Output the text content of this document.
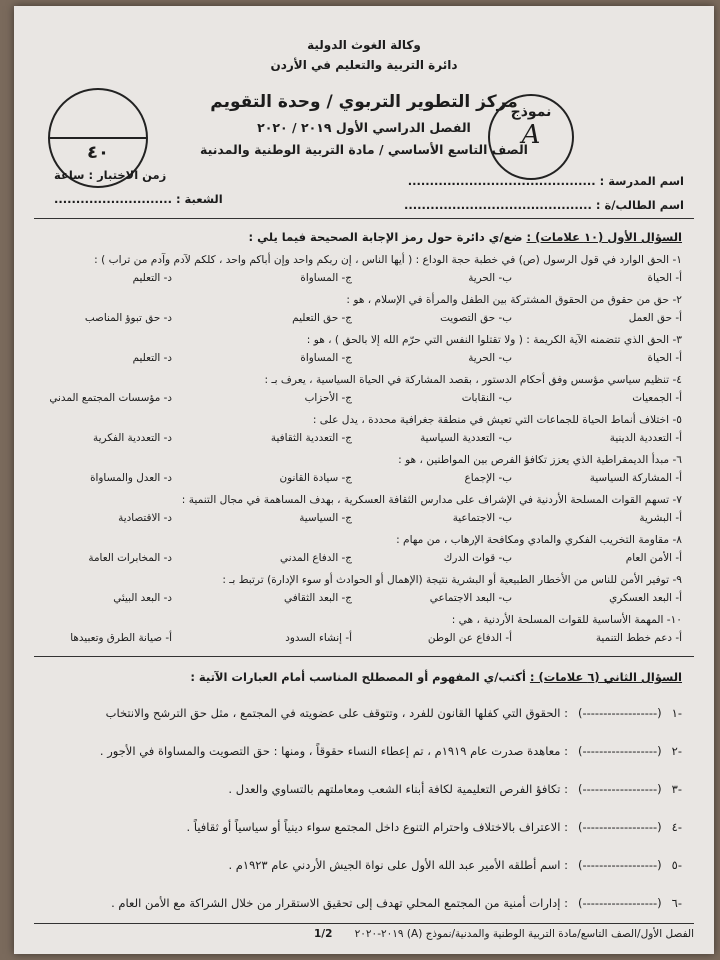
وكالة الغوث الدولية
دائرة التربية والتعليم في الأردن
مركز التطوير التربوي / وحدة التقويم
الفصل الدراسي الأول ٢٠١٩ / ٢٠٢٠
الصف التاسع الأساسي / مادة التربية الوطنية والمدنية
٤٠
نموذج
A
اسم المدرسة : ...........................................
اسم الطالب/ة : ...........................................
زمن الاختبار : ساعة
الشعبة : ...........................
السؤال الأول (١٠ علامات) : ضع/ي دائرة حول رمز الإجابة الصحيحة فيما يلي :
١- الحق الوارد في قول الرسول (ص) في خطبة حجة الوداع : ( أيها الناس ، إن ربكم واحد وإن أباكم واحد ، كلكم لآدم وآدم من تراب ) :
أ- الحياة
ب- الحرية
ج- المساواة
د- التعليم
٢- حق من حقوق من الحقوق المشتركة بين الطفل والمرأة في الإسلام ، هو :
أ- حق العمل
ب- حق التصويت
ج- حق التعليم
د- حق تبوؤ المناصب
٣- الحق الذي تتضمنه الآية الكريمة : ( ولا تقتلوا النفس التي حرّم الله إلا بالحق ) ، هو :
أ- الحياة
ب- الحرية
ج- المساواة
د- التعليم
٤- تنظيم سياسي مؤسس وفق أحكام الدستور ، بقصد المشاركة في الحياة السياسية ، يعرف بـ :
أ- الجمعيات
ب- النقابات
ج- الأحزاب
د- مؤسسات المجتمع المدني
٥- اختلاف أنماط الحياة للجماعات التي تعيش في منطقة جغرافية محددة ، يدل على :
أ- التعددية الدينية
ب- التعددية السياسية
ج- التعددية الثقافية
د- التعددية الفكرية
٦- مبدأ الديمقراطية الذي يعزز تكافؤ الفرص بين المواطنين ، هو :
أ- المشاركة السياسية
ب- الإجماع
ج- سيادة القانون
د- العدل والمساواة
٧- تسهم القوات المسلحة الأردنية في الإشراف على مدارس الثقافة العسكرية ، بهدف المساهمة في مجال التنمية :
أ- البشرية
ب- الاجتماعية
ج- السياسية
د- الاقتصادية
٨- مقاومة التخريب الفكري والمادي ومكافحة الإرهاب ، من مهام :
أ- الأمن العام
ب- قوات الدرك
ج- الدفاع المدني
د- المخابرات العامة
٩- توفير الأمن للناس من الأخطار الطبيعية أو البشرية نتيجة (الإهمال أو الحوادث أو سوء الإدارة) ترتبط بـ :
أ- البعد العسكري
ب- البعد الاجتماعي
ج- البعد الثقافي
د- البعد البيئي
١٠- المهمة الأساسية للقوات المسلحة الأردنية ، هي :
أ- دعم خطط التنمية
أ- الدفاع عن الوطن
أ- إنشاء السدود
أ- صيانة الطرق وتعبيدها
السؤال الثاني (٦ علامات) : أكتب/ي المفهوم أو المصطلح المناسب أمام العبارات الآتية :
-١(------------------): الحقوق التي كفلها القانون للفرد ، وتتوقف على عضويته في المجتمع ، مثل حق الترشح والانتخاب
-٢(------------------): معاهدة صدرت عام ١٩١٩م ، تم إعطاء النساء حقوقاً ، ومنها : حق التصويت والمساواة في الأجور .
-٣(------------------): تكافؤ الفرص التعليمية لكافة أبناء الشعب ومعاملتهم بالتساوي والعدل .
-٤(------------------): الاعتراف بالاختلاف واحترام التنوع داخل المجتمع سواء دينياً أو سياسياً أو ثقافياً .
-٥(------------------): اسم أطلقه الأمير عبد الله الأول على نواة الجيش الأردني عام ١٩٢٣م .
-٦(------------------): إدارات أمنية من المجتمع المحلي تهدف إلى تحقيق الاستقرار من خلال الشراكة مع الأمن العام .
الفصل الأول/الصف التاسع/مادة التربية الوطنية والمدنية/نموذج (A) ٢٠١٩-٢٠٢٠
1/2
